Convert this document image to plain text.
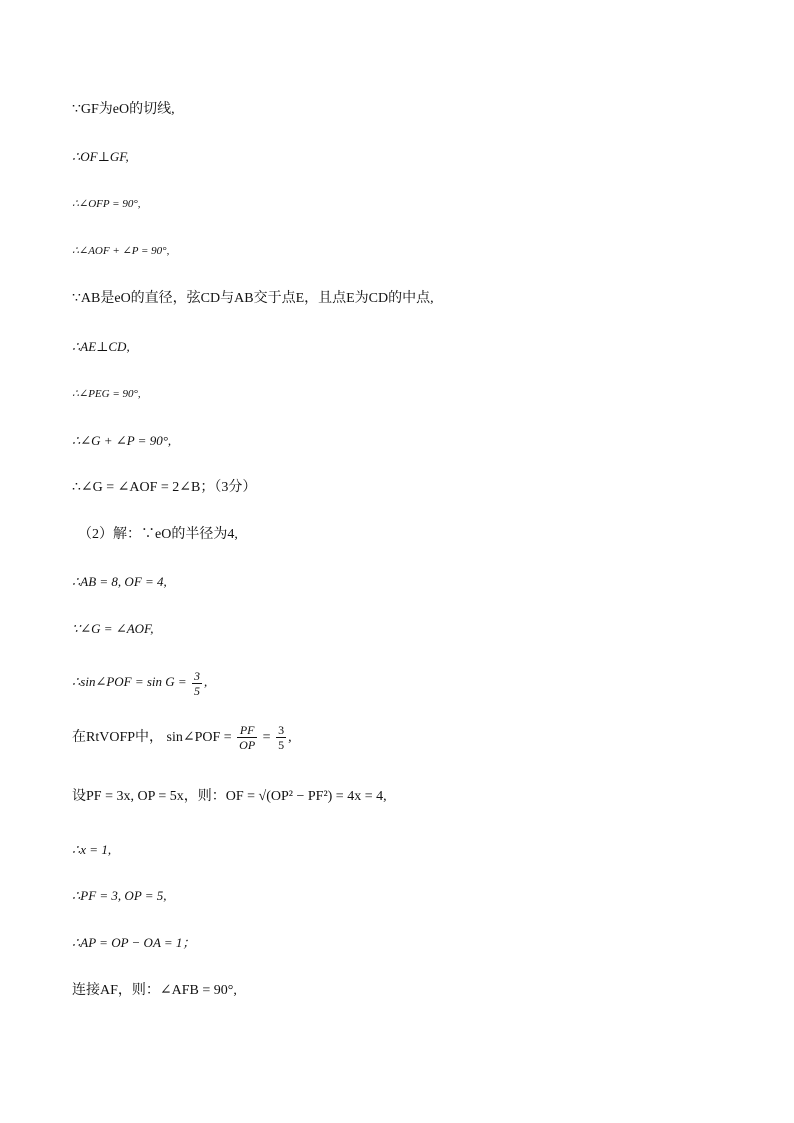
∵GF为eO的切线,
∴OF⊥GF,
∴∠OFP = 90°,
∴∠AOF + ∠P = 90°,
∵AB是eO的直径，弦CD与AB交于点E，且点E为CD的中点,
∴AE⊥CD,
∴∠PEG = 90°,
∴∠G + ∠P = 90°,
∴∠G = ∠AOF = 2∠B；（3分）
（2）解：∵eO的半径为4,
∴AB = 8, OF = 4,
∵∠G = ∠AOF,
∴sin∠POF = $\sin G = \frac{3}{5}$ ,
在RtVOFP中， sin∠POF = $\frac{PF}{OP} = \frac{3}{5}$ ,
设PF = 3x, OP = 5x，则：OF = √(OP² − PF²) = 4x = 4,
∴x = 1,
∴PF = 3, OP = 5,
∴AP = OP − OA = 1；
连接AF，则：∠AFB = 90°,
